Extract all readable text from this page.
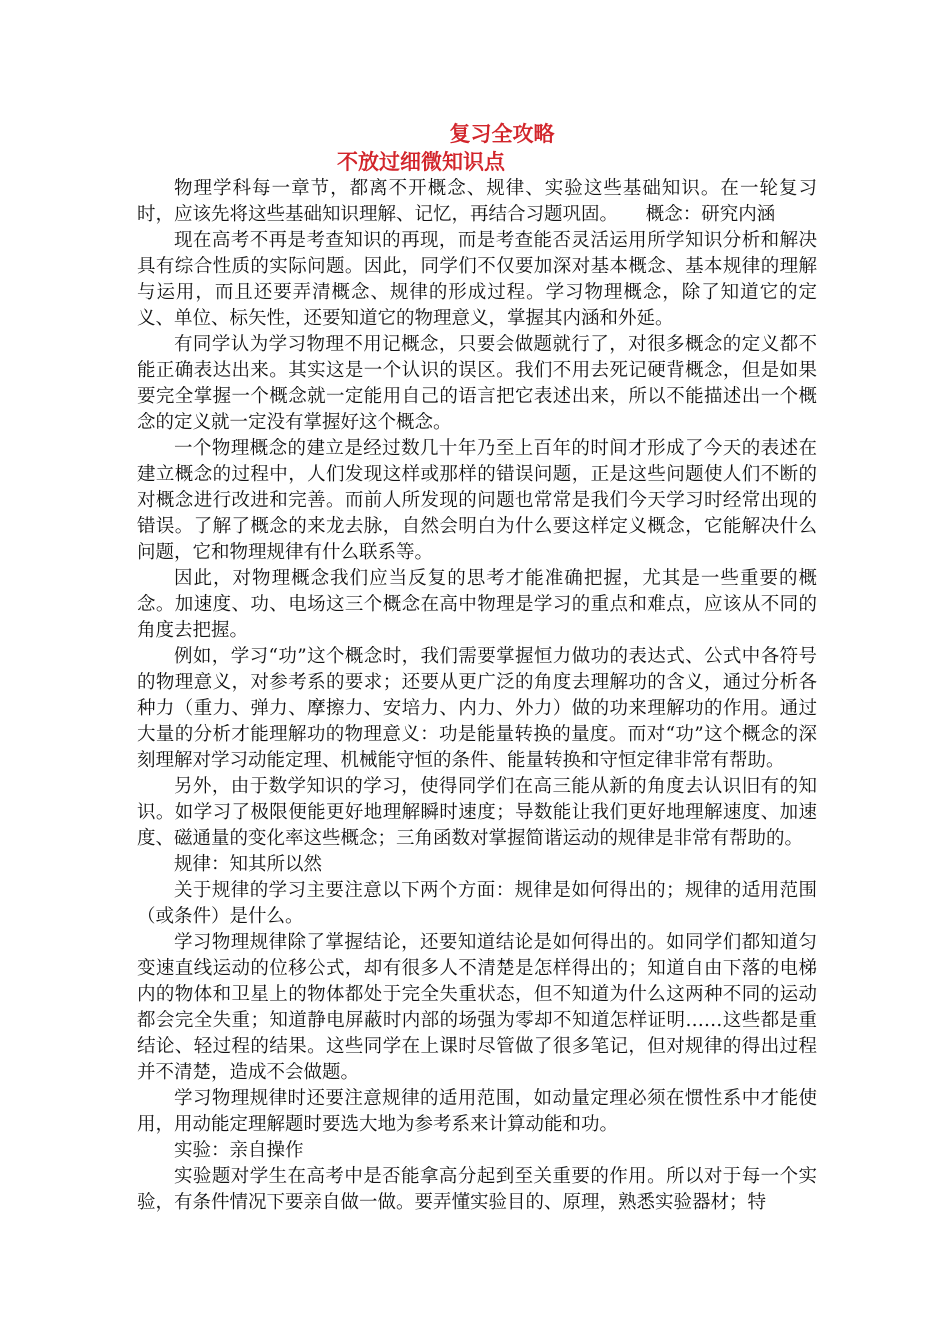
复习全攻略

不放过细微知识点

物理学科每一章节，都离不开概念、规律、实验这些基础知识。在一轮复习时，应该先将这些基础知识理解、记忆，再结合习题巩固。　　概念：研究内涵

现在高考不再是考查知识的再现，而是考查能否灵活运用所学知识分析和解决具有综合性质的实际问题。因此，同学们不仅要加深对基本概念、基本规律的理解与运用，而且还要弄清概念、规律的形成过程。学习物理概念，除了知道它的定义、单位、标矢性，还要知道它的物理意义，掌握其内涵和外延。

有同学认为学习物理不用记概念，只要会做题就行了，对很多概念的定义都不能正确表达出来。其实这是一个认识的误区。我们不用去死记硬背概念，但是如果要完全掌握一个概念就一定能用自己的语言把它表述出来，所以不能描述出一个概念的定义就一定没有掌握好这个概念。

一个物理概念的建立是经过数几十年乃至上百年的时间才形成了今天的表述在建立概念的过程中，人们发现这样或那样的错误问题，正是这些问题使人们不断的对概念进行改进和完善。而前人所发现的问题也常常是我们今天学习时经常出现的错误。了解了概念的来龙去脉，自然会明白为什么要这样定义概念，它能解决什么问题，它和物理规律有什么联系等。

因此，对物理概念我们应当反复的思考才能准确把握，尤其是一些重要的概念。加速度、功、电场这三个概念在高中物理是学习的重点和难点，应该从不同的角度去把握。

例如，学习“功”这个概念时，我们需要掌握恒力做功的表达式、公式中各符号的物理意义，对参考系的要求；还要从更广泛的角度去理解功的含义，通过分析各种力（重力、弹力、摩擦力、安培力、内力、外力）做的功来理解功的作用。通过大量的分析才能理解功的物理意义：功是能量转换的量度。而对“功”这个概念的深刻理解对学习动能定理、机械能守恒的条件、能量转换和守恒定律非常有帮助。

另外，由于数学知识的学习，使得同学们在高三能从新的角度去认识旧有的知识。如学习了极限便能更好地理解瞬时速度；导数能让我们更好地理解速度、加速度、磁通量的变化率这些概念；三角函数对掌握简谐运动的规律是非常有帮助的。

规律：知其所以然

关于规律的学习主要注意以下两个方面：规律是如何得出的；规律的适用范围（或条件）是什么。

学习物理规律除了掌握结论，还要知道结论是如何得出的。如同学们都知道匀变速直线运动的位移公式，却有很多人不清楚是怎样得出的；知道自由下落的电梯内的物体和卫星上的物体都处于完全失重状态，但不知道为什么这两种不同的运动都会完全失重；知道静电屏蔽时内部的场强为零却不知道怎样证明……这些都是重结论、轻过程的结果。这些同学在上课时尽管做了很多笔记，但对规律的得出过程并不清楚，造成不会做题。

学习物理规律时还要注意规律的适用范围，如动量定理必须在惯性系中才能使用，用动能定理解题时要选大地为参考系来计算动能和功。

实验：亲自操作

实验题对学生在高考中是否能拿高分起到至关重要的作用。所以对于每一个实验，有条件情况下要亲自做一做。要弄懂实验目的、原理，熟悉实验器材；特
